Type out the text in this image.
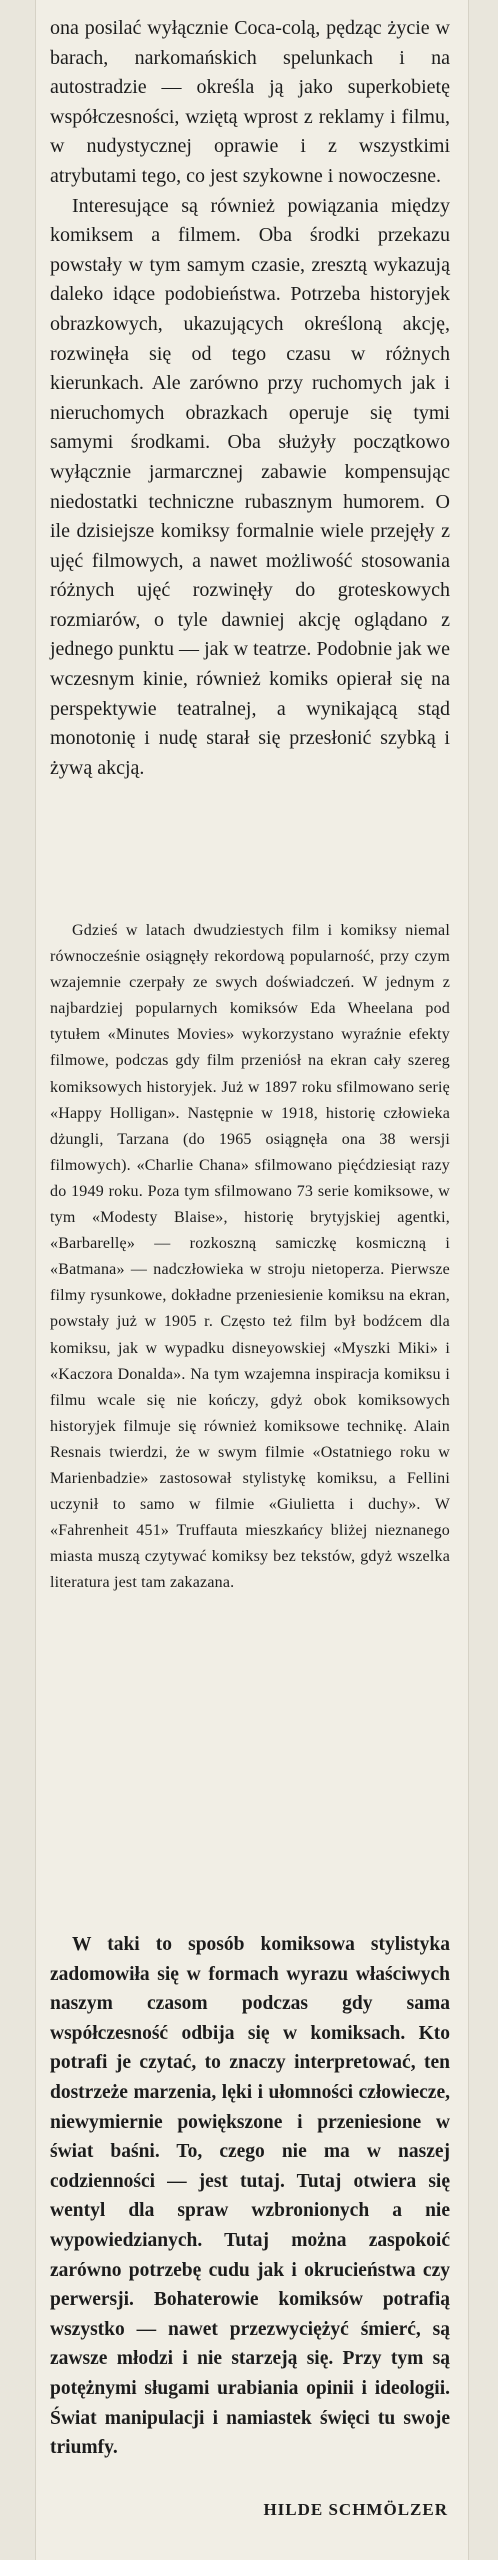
ona posilać wyłącznie Coca-colą, pędząc życie w barach, narkomańskich spelunkach i na autostradzie — określa ją jako superkobietę współczesności, wziętą wprost z reklamy i filmu, w nudystycznej oprawie i z wszystkimi atrybutami tego, co jest szykowne i nowoczesne.

Interesujące są również powiązania między komiksem a filmem. Oba środki przekazu powstały w tym samym czasie, zresztą wykazują daleko idące podobieństwa. Potrzeba historyjek obrazkowych, ukazujących określoną akcję, rozwinęła się od tego czasu w różnych kierunkach. Ale zarówno przy ruchomych jak i nieruchomych obrazkach operuje się tymi samymi środkami. Oba służyły początkowo wyłącznie jarmarcznej zabawie kompensując niedostatki techniczne rubasznym humorem. O ile dzisiejsze komiksy formalnie wiele przejęły z ujęć filmowych, a nawet możliwość stosowania różnych ujęć rozwinęły do groteskowych rozmiarów, o tyle dawniej akcję oglądano z jednego punktu — jak w teatrze. Podobnie jak we wczesnym kinie, również komiks opierał się na perspektywie teatralnej, a wynikającą stąd monotonię i nudę starał się przesłonić szybką i żywą akcją.

Gdzieś w latach dwudziestych film i komiksy niemal równocześnie osiągnęły rekordową popularność, przy czym wzajemnie czerpały ze swych doświadczeń. W jednym z najbardziej popularnych komiksów Eda Wheelana pod tytułem «Minutes Movies» wykorzystano wyraźnie efekty filmowe, podczas gdy film przeniósł na ekran cały szereg komiksowych historyjek. Już w 1897 roku sfilmowano serię «Happy Holligan». Następnie w 1918, historię człowieka dżungli, Tarzana (do 1965 osiągnęła ona 38 wersji filmowych). «Charlie Chana» sfilmowano pięćdziesiąt razy do 1949 roku. Poza tym sfilmowano 73 serie komiksowe, w tym «Modesty Blaise», historię brytyjskiej agentki, «Barbarellę» — rozkoszną samiczkę kosmiczną i «Batmana» — nadczłowieka w stroju nietoperza. Pierwsze filmy rysunkowe, dokładne przeniesienie komiksu na ekran, powstały już w 1905 r. Często też film był bodźcem dla komiksu, jak w wypadku disneyowskiej «Myszki Miki» i «Kaczora Donalda». Na tym wzajemna inspiracja komiksu i filmu wcale się nie kończy, gdyż obok komiksowych historyjek filmuje się również komiksowe technikę. Alain Resnais twierdzi, że w swym filmie «Ostatniego roku w Marienbadzie» zastosował stylistykę komiksu, a Fellini uczynił to samo w filmie «Giulietta i duchy». W «Fahrenheit 451» Truffauta mieszkańcy bliżej nieznanego miasta muszą czytywać komiksy bez tekstów, gdyż wszelka literatura jest tam zakazana.

W taki to sposób komiksowa stylistyka zadomowiła się w formach wyrazu właściwych naszym czasom podczas gdy sama współczesność odbija się w komiksach. Kto potrafi je czytać, to znaczy interpretować, ten dostrzeże marzenia, lęki i ułomności człowiecze, niewymiernie powiększone i przeniesione w świat baśni. To, czego nie ma w naszej codzienności — jest tutaj. Tutaj otwiera się wentyl dla spraw wzbronionych a nie wypowiedzianych. Tutaj można zaspokoić zarówno potrzebę cudu jak i okrucieństwa czy perwersji. Bohaterowie komiksów potrafią wszystko — nawet przezwyciężyć śmierć, są zawsze młodzi i nie starzeją się. Przy tym są potężnymi sługami urabiania opinii i ideologii. Świat manipulacji i namiastek święci tu swoje triumfy.

HILDE SCHMÖLZER
